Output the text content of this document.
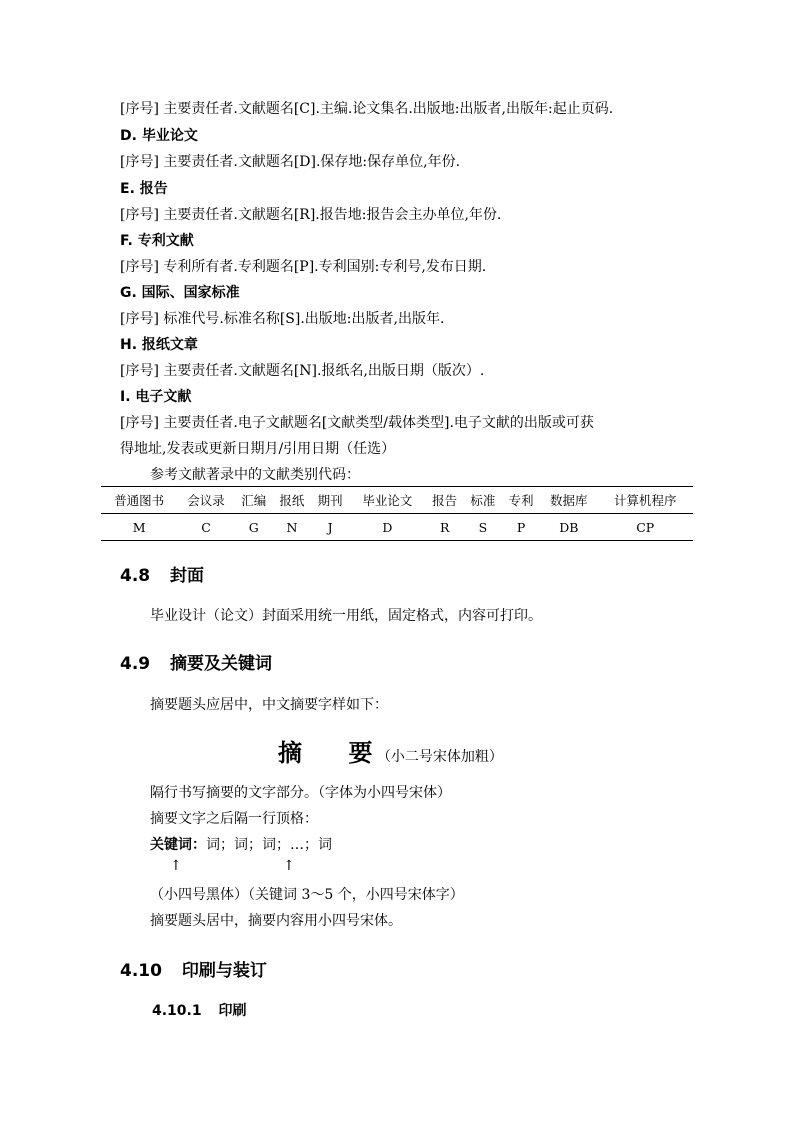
[序号] 主要责任者.文献题名[C].主编.论文集名.出版地:出版者,出版年:起止页码.
D. 毕业论文
[序号] 主要责任者.文献题名[D].保存地:保存单位,年份.
E. 报告
[序号] 主要责任者.文献题名[R].报告地:报告会主办单位,年份.
F. 专利文献
[序号] 专利所有者.专利题名[P].专利国别:专利号,发布日期.
G. 国际、国家标准
[序号] 标准代号.标准名称[S].出版地:出版者,出版年.
H. 报纸文章
[序号] 主要责任者.文献题名[N].报纸名,出版日期（版次）.
I. 电子文献
[序号] 主要责任者.电子文献题名[文献类型/载体类型].电子文献的出版或可获
得地址,发表或更新日期月/引用日期（任选）
参考文献著录中的文献类别代码：
普通图书	会议录	汇编	报纸	期刊	毕业论文	报告	标准	专利	数据库	计算机程序
M	C	G	N	J	D	R	S	P	DB	CP
4.8 封面
毕业设计（论文）封面采用统一用纸，固定格式，内容可打印。
4.9 摘要及关键词
摘要题头应居中，中文摘要字样如下：
摘 要 （小二号宋体加粗）
隔行书写摘要的文字部分。（字体为小四号宋体）
摘要文字之后隔一行顶格：
关键词：词；词；词；…；词
↑	↑
（小四号黑体）（关键词 3～5 个，小四号宋体字）
摘要题头居中，摘要内容用小四号宋体。
4.10 印刷与装订
4.10.1 印刷
